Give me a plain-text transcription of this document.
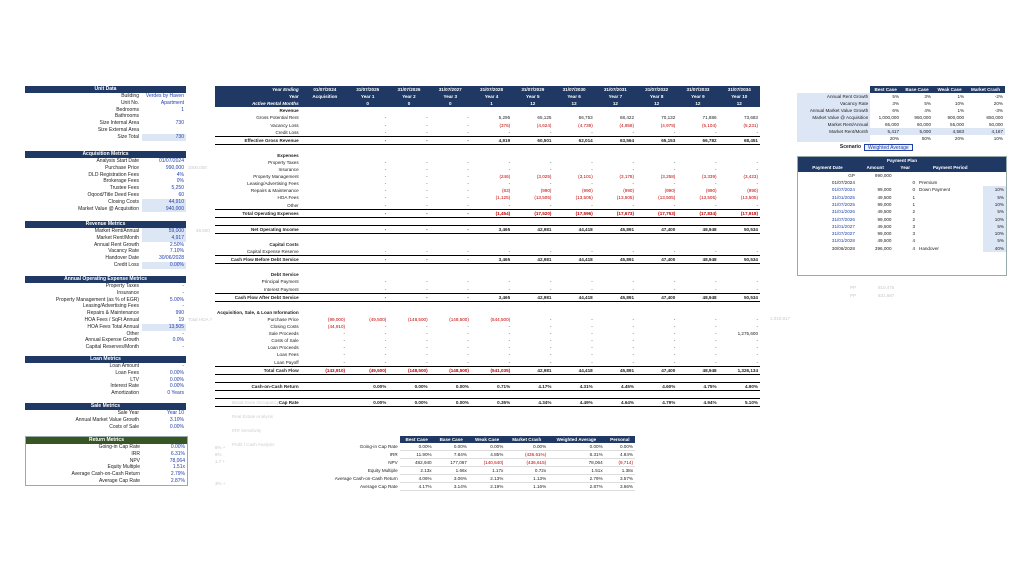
Unit Data
Building	Verdes by Haven
Unit No.	Apartment
Bedrooms	1
Bathrooms
Size Internal Area	730
Size External Area
Size Total	730
Acquisition Metrics
Analysis Start Date	01/07/2024
Purchase Price	990,000
DLD Registration Fees	4%
Brokerage Fees	0%
Trustee Fees	5,250
Oqood/Title Deed Fees	60
Closing Costs	44,910
Market Value @ Acquisition	940,000
1000,000
Revenue Metrics
Market Rent/Annual	59,000
Market Rent/Month	4,917
Annual Rent Growth	2.50%
Vacancy Rate	7.10%
Handover Date	30/06/2028
Credit Loss	0.00%
49,500
Annual Operating Expense Metrics
Property Taxes	-
Insurance	-
Property Management (as % of EGR)	5.00%
Leasing/Advertising Fees	-
Repairs & Maintenance	990
HOA Fees / SqFt Annual	19
HOA Fees Total Annual	13,505
Other	-
Annual Expense Growth	0.0%
Capital Reserves/Month	-
Total HOA ?
Loan Metrics
Loan Amount	-
Loan Fees	0.00%
LTV	0.00%
Interest Rate	0.00%
Amortization	0 Years
Sale Metrics
Sale Year	Year 10
Annual Market Value Growth	3.10%
Costs of Sale	0.00%
Return Metrics
Going-in Cap Rate	0.00%
IRR	6.31%
NPV	78,064
Equity Multiple	1.51x
Average Cash-on-Cash Return	2.79%
Average Cap Rate	2.87%
8% +
6%
1.7 +
3% +
Year Ending	01/07/2024	31/07/2025	31/07/2026	31/07/2027	31/07/2028	31/07/2029	31/07/2030	31/07/2031	31/07/2032	31/07/2033	31/07/2034
Year	Acquisition	Year 1	Year 2	Year 3	Year 4	Year 5	Year 6	Year 7	Year 8	Year 9	Year 10
Active Rental Months		0	0	0	1	12	12	12	12	12	12
Revenue											
Gross Potential Rent		-	-	-	5,295	65,125	66,753	68,422	70,132	71,886	73,683
Vacancy Loss		-	-	-	(376)	(4,624)	(4,739)	(4,858)	(4,979)	(5,104)	(5,231)
Credit Loss		-	-	-	-	-	-	-	-	-	-
Effective Gross Revenue		-	-	-	4,919	60,501	62,014	63,564	65,153	66,782	68,451

Expenses											
Property Taxes		-	-	-	-	-	-	-	-	-	-
Insurance		-	-	-	-	-	-	-	-	-	-
Property Management		-	-	-	(246)	(3,025)	(3,101)	(3,178)	(3,258)	(3,339)	(3,423)
Leasing/Advertising Fees		-	-	-	-	-	-	-	-	-	-
Repairs & Maintenance		-	-	-	(83)	(990)	(990)	(990)	(990)	(990)	(990)
HOA Fees		-	-	-	(1,125)	(13,505)	(13,505)	(13,505)	(13,505)	(13,505)	(13,505)
Other		-	-	-	-	-	-	-	-	-	-
Total Operating Expenses		-	-	-	(1,454)	(17,520)	(17,596)	(17,673)	(17,753)	(17,834)	(17,918)

Net Operating Income		-	-	-	3,465	42,981	44,418	45,891	47,400	48,948	50,534

Capital Costs											
Capital Expense Reserve		-	-	-	-	-	-	-	-	-	-
Cash Flow Before Debt Service		-	-	-	3,465	42,981	44,418	45,891	47,400	48,948	50,534

Debt Service											
Principal Payment		-	-	-	-	-	-	-	-	-	-
Interest Payment		-	-	-	-	-	-	-	-	-	-
Cash Flow After Debt Service		-	-	-	3,465	42,981	44,418	45,891	47,400	48,948	50,534

Acquisition, Sale, & Loan Information											
Purchase Price	(99,000)	(49,500)	(148,500)	(148,500)	(544,500)	-	-	-	-	-	-
Closing Costs	(44,910)	-	-	-	-	-	-	-	-	-	-
Sale Proceeds	-	-	-	-	-	-	-	-	-	-	1,275,600
Costs of Sale	-	-	-	-	-	-	-	-	-	-	-
Loan Proceeds	-	-	-	-	-	-	-	-	-	-	-
Loan Fees	-	-	-	-	-	-	-	-	-	-	-
Loan Payoff	-	-	-	-	-	-	-	-	-	-	-
Total Cash Flow	(143,910)	(49,500)	(148,500)	(148,500)	(541,035)	42,981	44,418	45,891	47,400	48,948	1,326,134

Cash-on-Cash Return		0.00%	0.00%	0.00%	0.71%	4.17%	4.31%	4.45%	4.60%	4.75%	4.90%

Cap Rate		0.00%	0.00%	0.00%	0.35%	4.34%	4.49%	4.64%	4.79%	4.94%	5.10%
1,010,817
Break Even Occupancy
Real Estate Analysis
IRR Sensitivity
Profit / Cash Analysis
	Best Case	Base Case	Weak Case	Market Crash	Weighted Average	Personal
Going-in Cap Rate	0.00%	0.00%	0.00%	0.00%	0.00%	0.00%
IRR	11.90%	7.84%	4.85%	(436.61%)	6.31%	4.84%
NPV	482,940	177,067	(140,640)	(436,615)	78,064	(9,714)
Equity Multiple	2.13x	1.66x	1.17x	0.72x	1.51x	1.38x
Average Cash-on-Cash Return	4.06%	3.06%	2.13%	1.13%	2.79%	3.57%
Average Cap Rate	4.17%	3.14%	2.19%	1.16%	2.87%	3.66%
	Best Case	Base Case	Weak Case	Market Crash
Annual Rent Growth	5%	3%	1%	-2%
Vacancy Rate	3%	5%	10%	20%
Annual Market Value Growth	6%	4%	1%	-3%
Market Value @ Acquisition	1,000,000	950,000	900,000	850,000
Market Rent/Annual	65,000	60,000	55,000	50,000
Market Rent/Month	5,417	5,000	4,583	4,167
	20%	50%	20%	10%
Scenario	Weighted Average
Payment Plan				
Payment Date	Amount	Year	Payment Period	
GP	990,000			
01/07/2024		0	Premium	
01/07/2024	99,000	0	Down Payment	10%
31/01/2025	49,500	1		5%
31/07/2025	99,000	1		10%
31/01/2026	49,500	2		5%
31/07/2026	99,000	2		10%
31/01/2027	49,500	3		5%
31/07/2027	99,000	3		10%
31/01/2028	49,500	4		5%
30/06/2028	396,000	4	Handover	40%
PP	810,475
PP	831,687
